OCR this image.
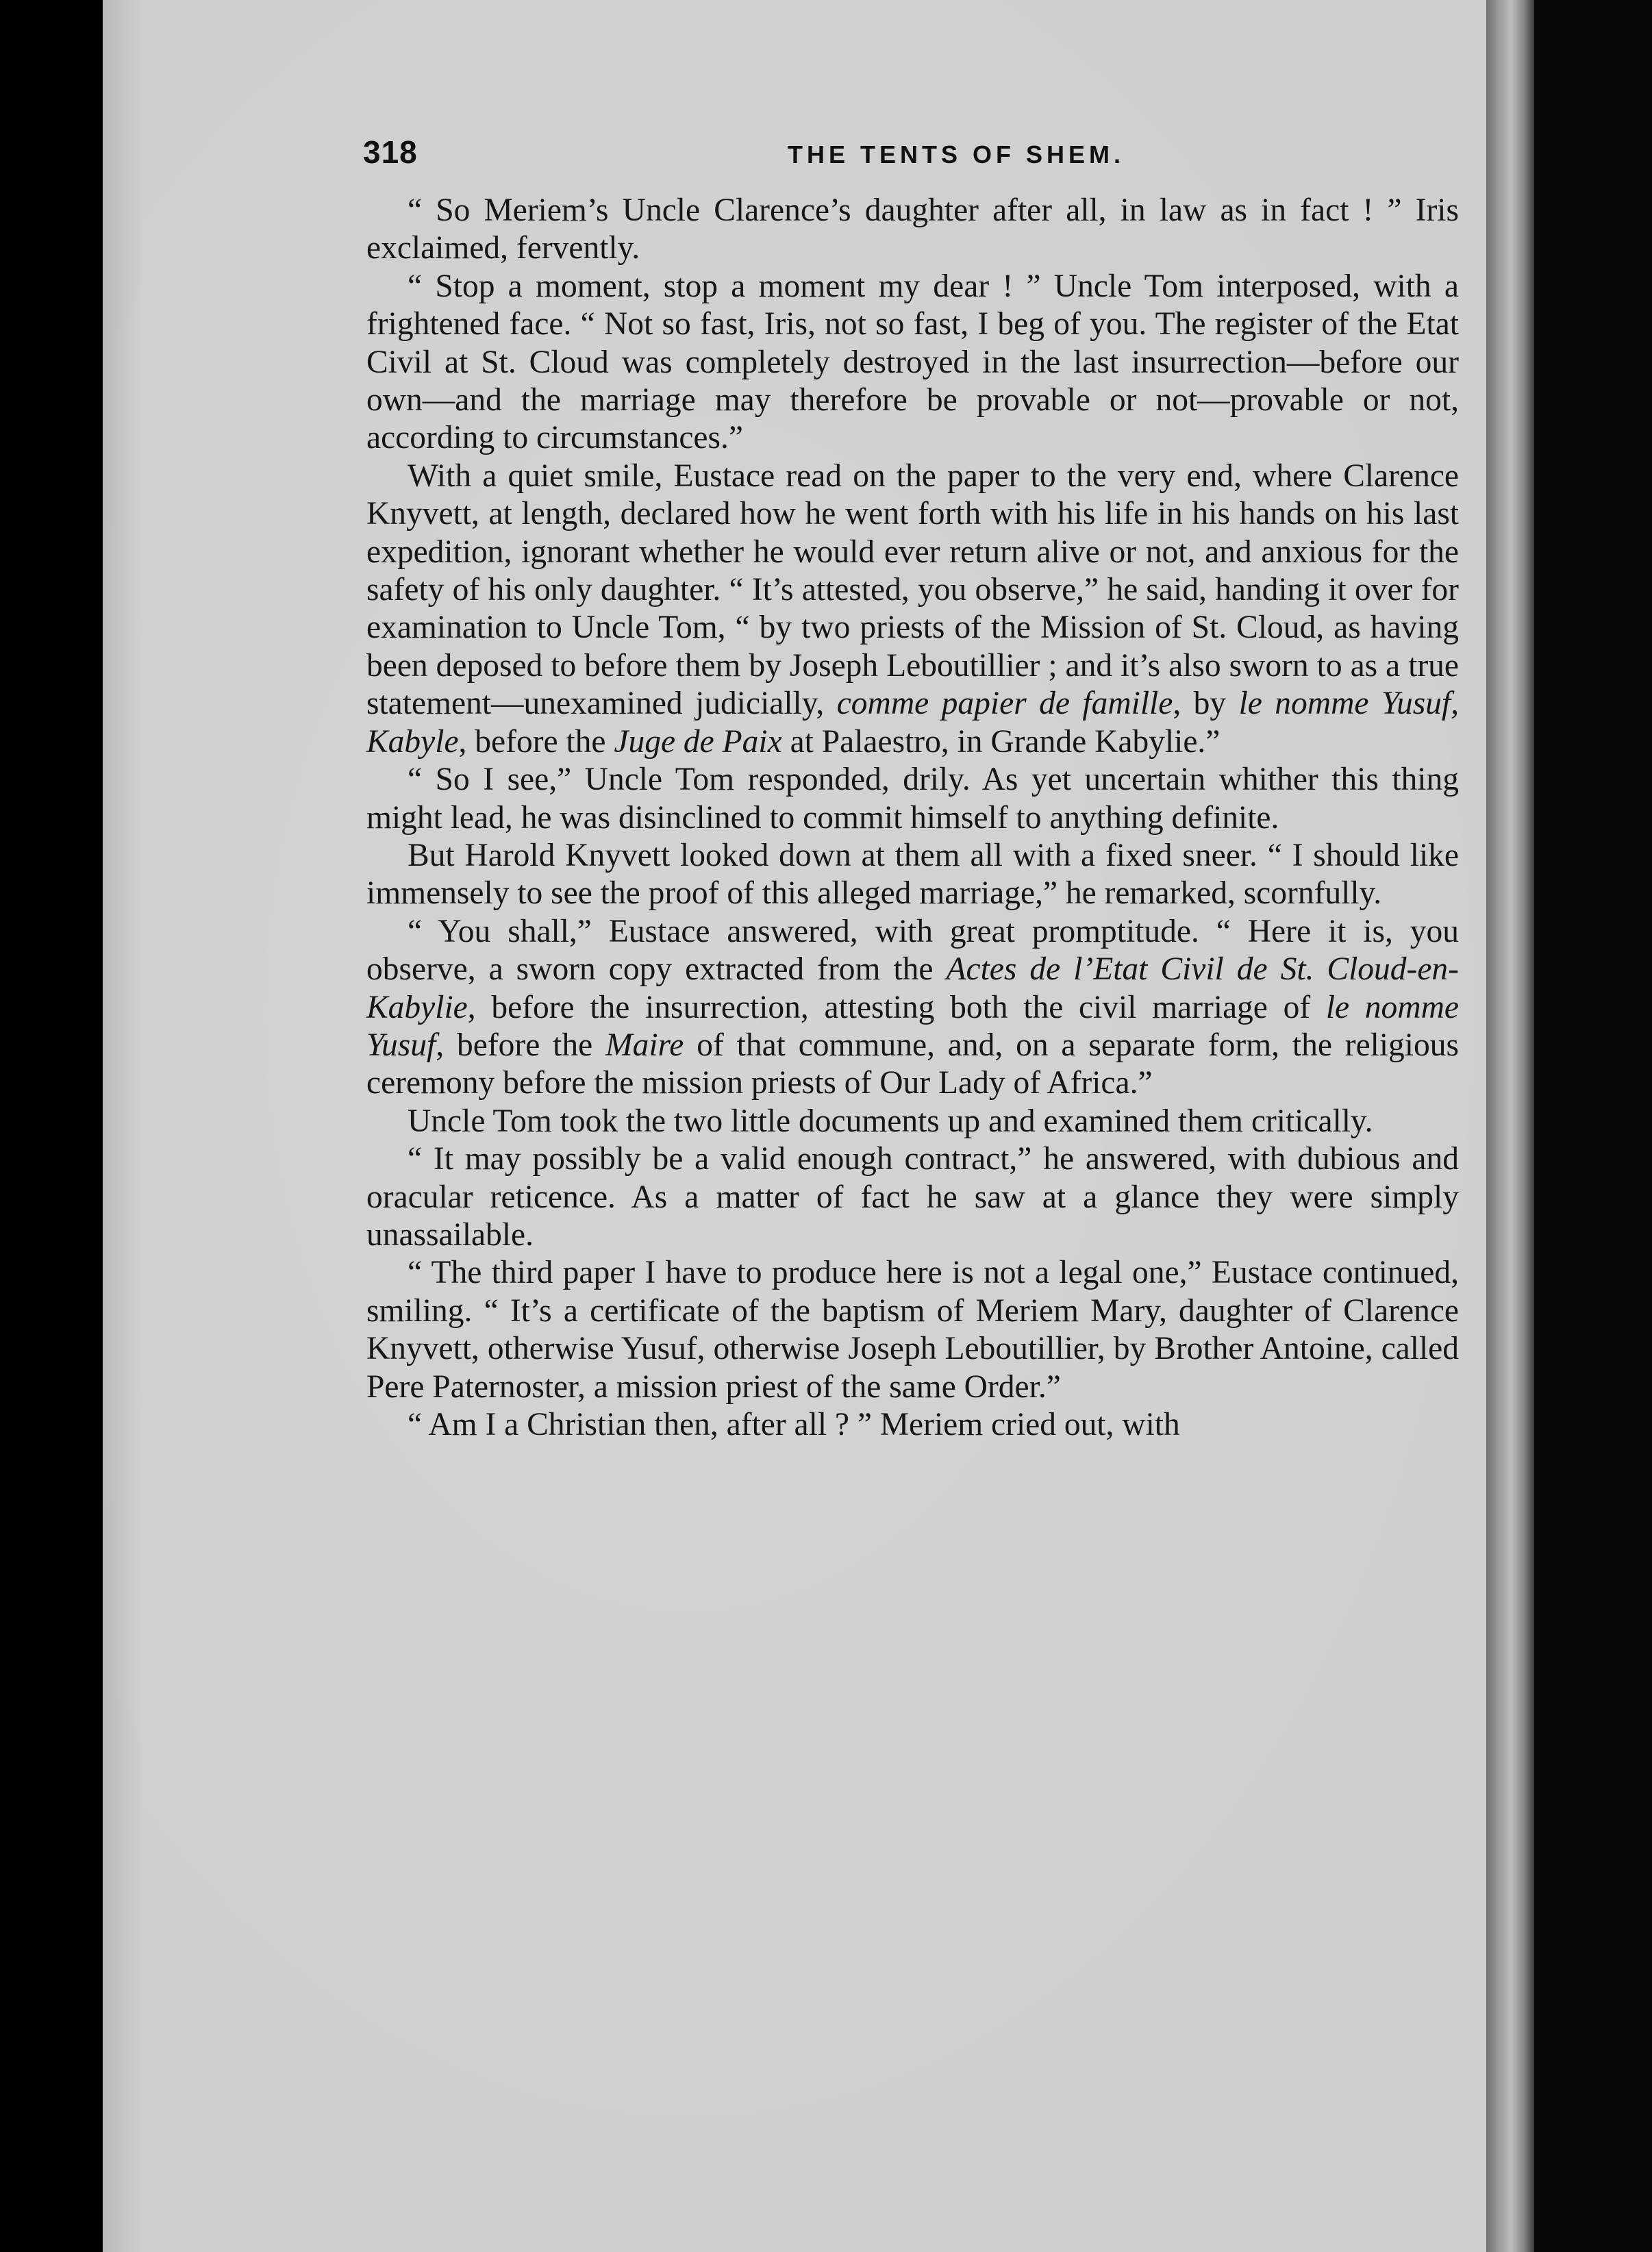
318	THE TENTS OF SHEM.

“ So Meriem’s Uncle Clarence’s daughter after all, in law as in fact ! ” Iris exclaimed, fervently.

“ Stop a moment, stop a moment my dear ! ” Uncle Tom interposed, with a frightened face. “ Not so fast, Iris, not so fast, I beg of you. The register of the Etat Civil at St. Cloud was completely destroyed in the last insurrection—before our own—and the marriage may therefore be provable or not—provable or not, according to circumstances.”

With a quiet smile, Eustace read on the paper to the very end, where Clarence Knyvett, at length, declared how he went forth with his life in his hands on his last expedition, ignorant whether he would ever return alive or not, and anxious for the safety of his only daughter. “ It’s attested, you observe,” he said, handing it over for examination to Uncle Tom, “ by two priests of the Mission of St. Cloud, as having been deposed to before them by Joseph Leboutillier ; and it’s also sworn to as a true statement—unexamined judicially, comme papier de famille, by le nomme Yusuf, Kabyle, before the Juge de Paix at Palaestro, in Grande Kabylie.”

“ So I see,” Uncle Tom responded, drily. As yet uncertain whither this thing might lead, he was disinclined to commit himself to anything definite.

But Harold Knyvett looked down at them all with a fixed sneer. “ I should like immensely to see the proof of this alleged marriage,” he remarked, scornfully.

“ You shall,” Eustace answered, with great promptitude. “ Here it is, you observe, a sworn copy extracted from the Actes de l’Etat Civil de St. Cloud-en-Kabylie, before the insurrection, attesting both the civil marriage of le nomme Yusuf, before the Maire of that commune, and, on a separate form, the religious ceremony before the mission priests of Our Lady of Africa.”

Uncle Tom took the two little documents up and examined them critically.

“ It may possibly be a valid enough contract,” he answered, with dubious and oracular reticence. As a matter of fact he saw at a glance they were simply unassailable.

“ The third paper I have to produce here is not a legal one,” Eustace continued, smiling. “ It’s a certificate of the baptism of Meriem Mary, daughter of Clarence Knyvett, otherwise Yusuf, otherwise Joseph Leboutillier, by Brother Antoine, called Pere Paternoster, a mission priest of the same Order.”

“ Am I a Christian then, after all ? ” Meriem cried out, with
